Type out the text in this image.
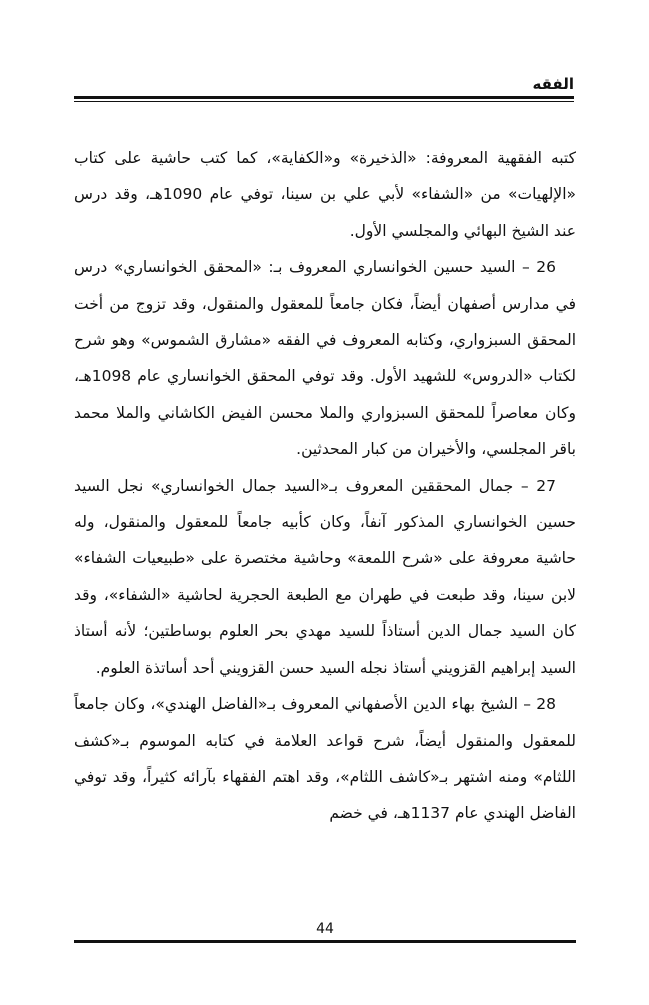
الفقه

كتبه الفقهية المعروفة: «الذخيرة» و«الكفاية»، كما كتب حاشية على كتاب «الإلهيات» من «الشفاء» لأبي علي بن سينا، توفي عام 1090هـ، وقد درس عند الشيخ البهائي والمجلسي الأول.

26 – السيد حسين الخوانساري المعروف بـ: «المحقق الخوانساري» درس في مدارس أصفهان أيضاً، فكان جامعاً للمعقول والمنقول، وقد تزوج من أخت المحقق السبزواري، وكتابه المعروف في الفقه «مشارق الشموس» وهو شرح لكتاب «الدروس» للشهيد الأول. وقد توفي المحقق الخوانساري عام 1098هـ، وكان معاصراً للمحقق السبزواري والملا محسن الفيض الكاشاني والملا محمد باقر المجلسي، والأخيران من كبار المحدثين.

27 – جمال المحققين المعروف بـ«السيد جمال الخوانساري» نجل السيد حسين الخوانساري المذكور آنفاً، وكان كأبيه جامعاً للمعقول والمنقول، وله حاشية معروفة على «شرح اللمعة» وحاشية مختصرة على «طبيعيات الشفاء» لابن سينا، وقد طبعت في طهران مع الطبعة الحجرية لحاشية «الشفاء»، وقد كان السيد جمال الدين أستاذاً للسيد مهدي بحر العلوم بوساطتين؛ لأنه أستاذ السيد إبراهيم القزويني أستاذ نجله السيد حسن القزويني أحد أساتذة العلوم.

28 – الشيخ بهاء الدين الأصفهاني المعروف بـ«الفاضل الهندي»، وكان جامعاً للمعقول والمنقول أيضاً، شرح قواعد العلامة في كتابه الموسوم بـ«كشف اللثام» ومنه اشتهر بـ«كاشف اللثام»، وقد اهتم الفقهاء بآرائه كثيراً، وقد توفي الفاضل الهندي عام 1137هـ، في خضم

44
